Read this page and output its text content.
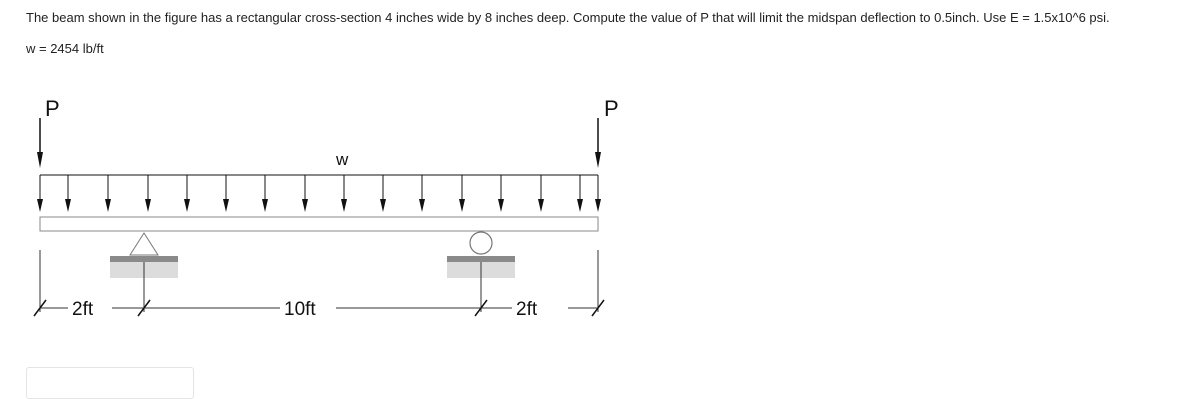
The beam shown in the figure has a rectangular cross-section 4 inches wide by 8 inches deep. Compute the value of P that will limit the midspan deflection to 0.5inch. Use E = 1.5x10^6 psi.

w = 2454 lb/ft

P	P
w
2ft	10ft	2ft
